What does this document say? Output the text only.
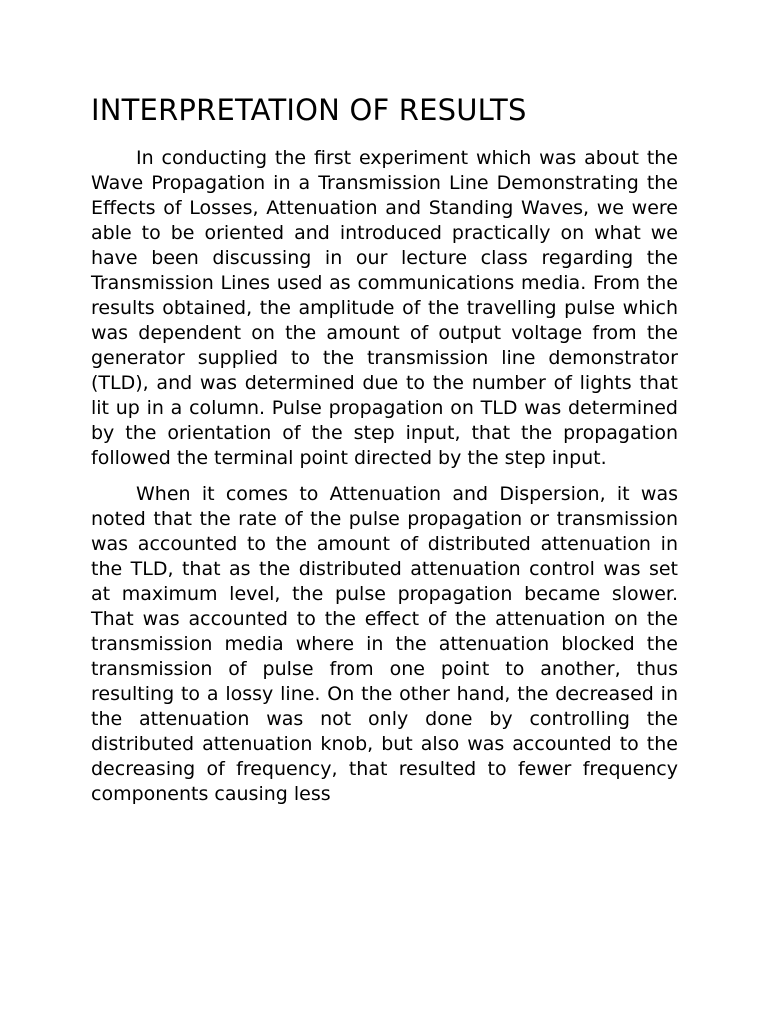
INTERPRETATION OF RESULTS

In conducting the first experiment which was about the Wave Propagation in a Transmission Line Demonstrating the Effects of Losses, Attenuation and Standing Waves, we were able to be oriented and introduced practically on what we have been discussing in our lecture class regarding the Transmission Lines used as communications media. From the results obtained, the amplitude of the travelling pulse which was dependent on the amount of output voltage from the generator supplied to the transmission line demonstrator (TLD), and was determined due to the number of lights that lit up in a column. Pulse propagation on TLD was determined by the orientation of the step input, that the propagation followed the terminal point directed by the step input.

When it comes to Attenuation and Dispersion, it was noted that the rate of the pulse propagation or transmission was accounted to the amount of distributed attenuation in the TLD, that as the distributed attenuation control was set at maximum level, the pulse propagation became slower. That was accounted to the effect of the attenuation on the transmission media where in the attenuation blocked the transmission of pulse from one point to another, thus resulting to a lossy line. On the other hand, the decreased in the attenuation was not only done by controlling the distributed attenuation knob, but also was accounted to the decreasing of frequency, that resulted to fewer frequency components causing less
